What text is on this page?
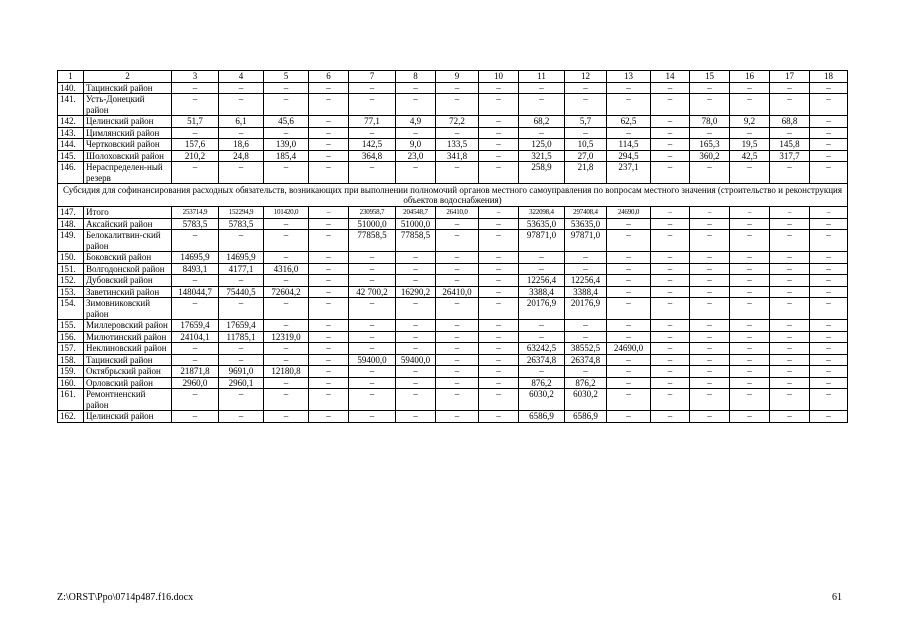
1	2	3	4	5	6	7	8	9	10	11	12	13	14	15	16	17	18
140.	Тацинский район	–	–	–	–	–	–	–	–	–	–	–	–	–	–	–	–
141.	Усть-Донецкий район	–	–	–	–	–	–	–	–	–	–	–	–	–	–	–	–
142.	Целинский район	51,7	6,1	45,6	–	77,1	4,9	72,2	–	68,2	5,7	62,5	–	78,0	9,2	68,8	–
143.	Цимлянский район	–	–	–	–	–	–	–	–	–	–	–	–	–	–	–	–
144.	Чертковский район	157,6	18,6	139,0	–	142,5	9,0	133,5	–	125,0	10,5	114,5	–	165,3	19,5	145,8	–
145.	Шолоховский район	210,2	24,8	185,4	–	364,8	23,0	341,8	–	321,5	27,0	294,5	–	360,2	42,5	317,7	–
146.	Нераспределен-ный резерв	–	–	–	–	–	–	–	–	258,9	21,8	237,1	–	–	–	–	–
Субсидия для софинансирования расходных обязательств, возникающих при выполнении полномочий органов местного самоуправления по вопросам местного значения (строительство и реконструкция объектов водоснабжения)																	
147.	Итого	253714,9	152294,9	101420,0	–	230958,7	204548,7	26410,0	–	322098,4	297408,4	24690,0	–	–	–	–	–
148.	Аксайский район	5783,5	5783,5	–	–	51000,0	51000,0	–	–	53635,0	53635,0	–	–	–	–	–	–
149.	Белокалитвин-ский район	–	–	–	–	77858,5	77858,5	–	–	97871,0	97871,0	–	–	–	–	–	–
150.	Боковский район	14695,9	14695,9	–	–	–	–	–	–	–	–	–	–	–	–	–	–
151.	Волгодонской район	8493,1	4177,1	4316,0	–	–	–	–	–	–	–	–	–	–	–	–	–
152.	Дубовский район	–	–	–	–	–	–	–	–	12256,4	12256,4	–	–	–	–	–	–
153.	Заветинский район	148044,7	75440,5	72604,2	–	42 700,2	16290,2	26410,0	–	3388,4	3388,4	–	–	–	–	–	–
154.	Зимовниковский район	–	–	–	–	–	–	–	–	20176,9	20176,9	–	–	–	–	–	–
155.	Миллеровский район	17659,4	17659,4	–	–	–	–	–	–	–	–	–	–	–	–	–	–
156.	Милютинский район	24104,1	11785,1	12319,0	–	–	–	–	–	–	–	–	–	–	–	–	–
157.	Неклиновский район	–	–	–	–	–	–	–	–	63242,5	38552,5	24690,0	–	–	–	–	–
158.	Тацинский район	–	–	–	–	59400,0	59400,0	–	–	26374,8	26374,8	–	–	–	–	–	–
159.	Октябрьский район	21871,8	9691,0	12180,8	–	–	–	–	–	–	–	–	–	–	–	–	–
160.	Орловский район	2960,0	2960,1	–	–	–	–	–	–	876,2	876,2	–	–	–	–	–	–
161.	Ремонтненский район	–	–	–	–	–	–	–	–	6030,2	6030,2	–	–	–	–	–	–
162.	Целинский район	–	–	–	–	–	–	–	–	6586,9	6586,9	–	–	–	–	–	–
Z:\ORST\Ppo\0714p487.f16.docx	61
